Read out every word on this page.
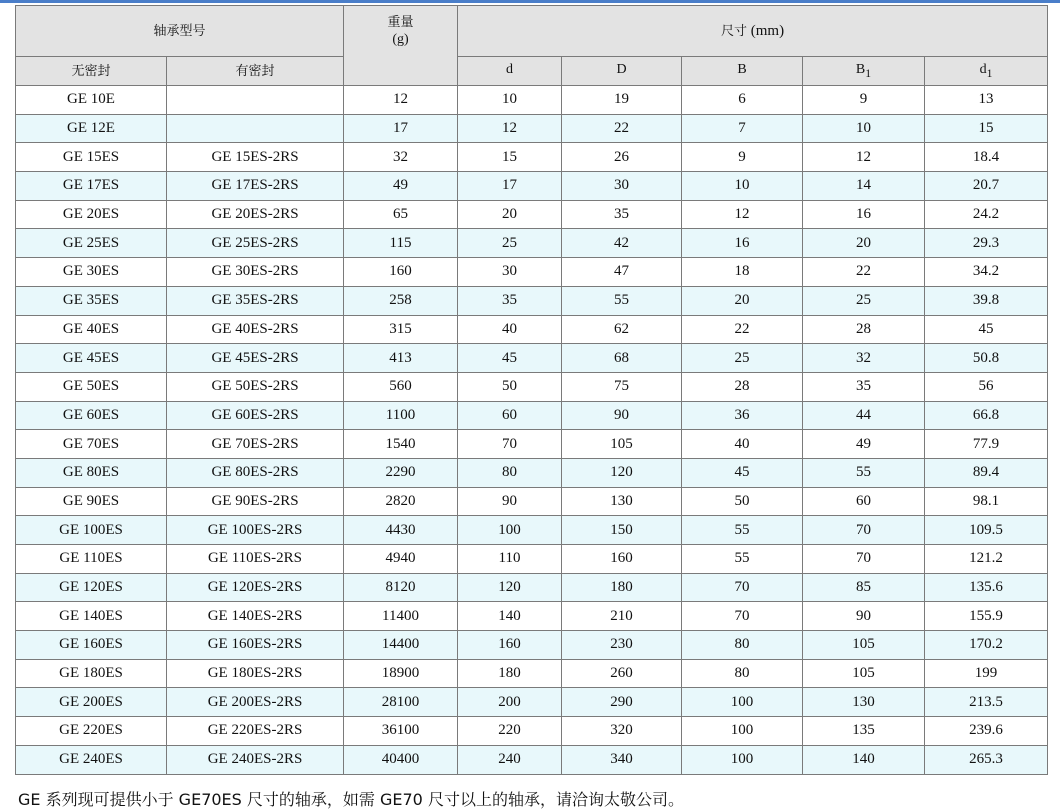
轴承型号		重量
(g)	尺寸 (mm)				
无密封	有密封		d	D	B	$B_1$	$d_1$
GE 10E		12	10	19	6	9	13
GE 12E		17	12	22	7	10	15
GE 15ES	GE 15ES-2RS	32	15	26	9	12	18.4
GE 17ES	GE 17ES-2RS	49	17	30	10	14	20.7
GE 20ES	GE 20ES-2RS	65	20	35	12	16	24.2
GE 25ES	GE 25ES-2RS	115	25	42	16	20	29.3
GE 30ES	GE 30ES-2RS	160	30	47	18	22	34.2
GE 35ES	GE 35ES-2RS	258	35	55	20	25	39.8
GE 40ES	GE 40ES-2RS	315	40	62	22	28	45
GE 45ES	GE 45ES-2RS	413	45	68	25	32	50.8
GE 50ES	GE 50ES-2RS	560	50	75	28	35	56
GE 60ES	GE 60ES-2RS	1100	60	90	36	44	66.8
GE 70ES	GE 70ES-2RS	1540	70	105	40	49	77.9
GE 80ES	GE 80ES-2RS	2290	80	120	45	55	89.4
GE 90ES	GE 90ES-2RS	2820	90	130	50	60	98.1
GE 100ES	GE 100ES-2RS	4430	100	150	55	70	109.5
GE 110ES	GE 110ES-2RS	4940	110	160	55	70	121.2
GE 120ES	GE 120ES-2RS	8120	120	180	70	85	135.6
GE 140ES	GE 140ES-2RS	11400	140	210	70	90	155.9
GE 160ES	GE 160ES-2RS	14400	160	230	80	105	170.2
GE 180ES	GE 180ES-2RS	18900	180	260	80	105	199
GE 200ES	GE 200ES-2RS	28100	200	290	100	130	213.5
GE 220ES	GE 220ES-2RS	36100	220	320	100	135	239.6
GE 240ES	GE 240ES-2RS	40400	240	340	100	140	265.3
GE 系列现可提供小于 GE70ES 尺寸的轴承，如需 GE70 尺寸以上的轴承，请洽询太敬公司。
